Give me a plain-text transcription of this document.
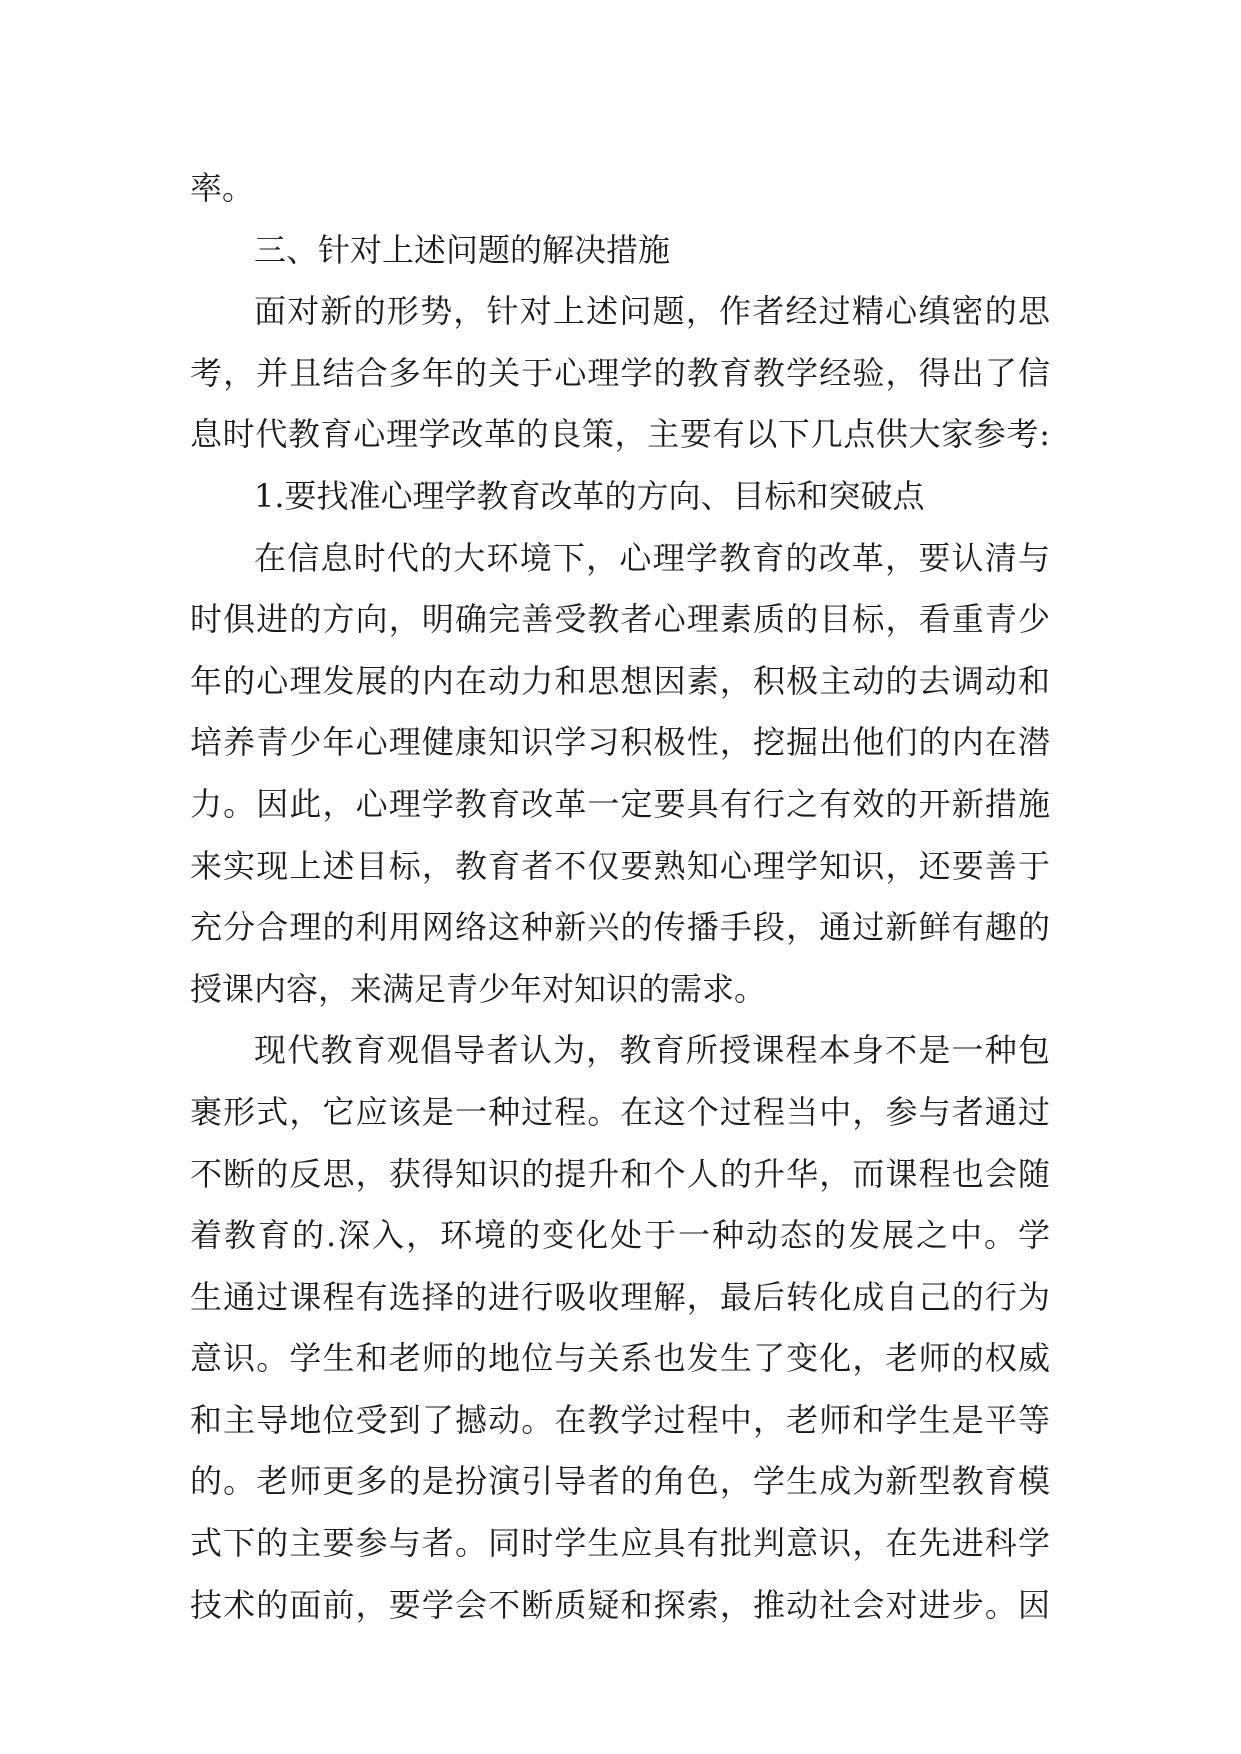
率。
三、针对上述问题的解决措施
面对新的形势，针对上述问题，作者经过精心缜密的思
考，并且结合多年的关于心理学的教育教学经验，得出了信
息时代教育心理学改革的良策，主要有以下几点供大家参考:
1.要找准心理学教育改革的方向、目标和突破点
在信息时代的大环境下，心理学教育的改革，要认清与
时俱进的方向，明确完善受教者心理素质的目标，看重青少
年的心理发展的内在动力和思想因素，积极主动的去调动和
培养青少年心理健康知识学习积极性，挖掘出他们的内在潜
力。因此，心理学教育改革一定要具有行之有效的开新措施
来实现上述目标，教育者不仅要熟知心理学知识，还要善于
充分合理的利用网络这种新兴的传播手段，通过新鲜有趣的
授课内容，来满足青少年对知识的需求。
现代教育观倡导者认为，教育所授课程本身不是一种包
裹形式，它应该是一种过程。在这个过程当中，参与者通过
不断的反思，获得知识的提升和个人的升华，而课程也会随
着教育的.深入，环境的变化处于一种动态的发展之中。学
生通过课程有选择的进行吸收理解，最后转化成自己的行为
意识。学生和老师的地位与关系也发生了变化，老师的权威
和主导地位受到了撼动。在教学过程中，老师和学生是平等
的。老师更多的是扮演引导者的角色，学生成为新型教育模
式下的主要参与者。同时学生应具有批判意识，在先进科学
技术的面前，要学会不断质疑和探索，推动社会对进步。因
